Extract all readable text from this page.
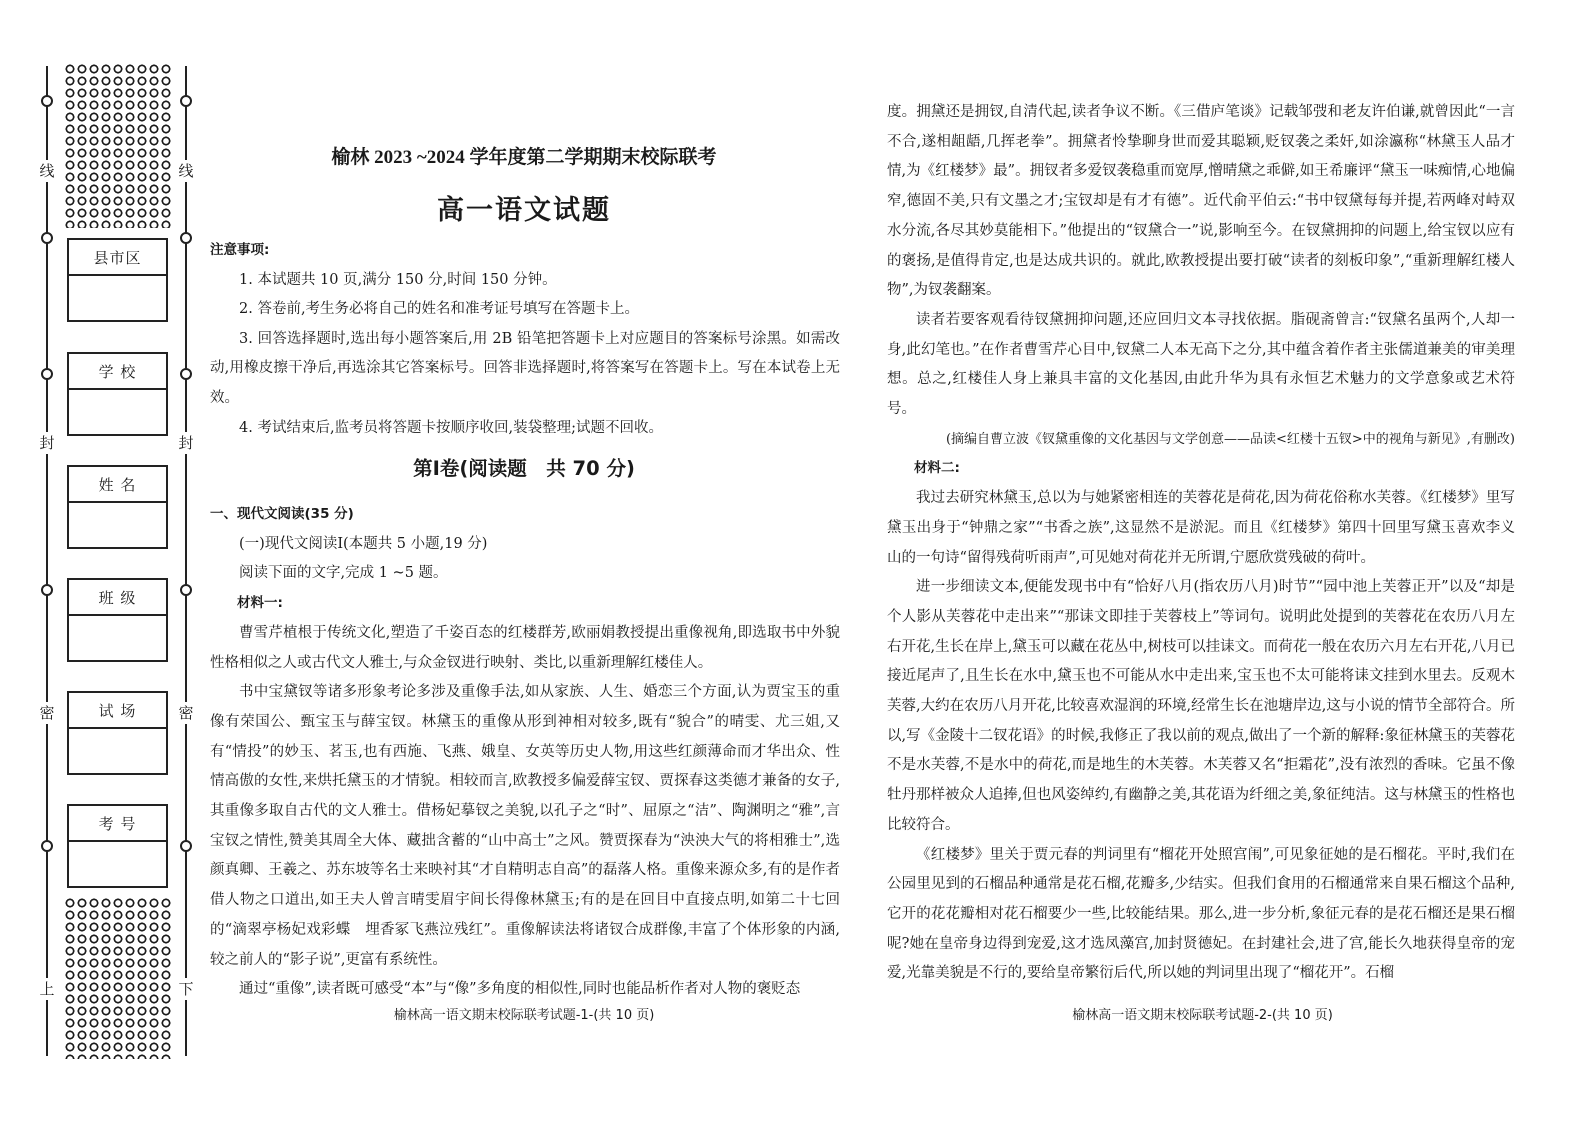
线
封
密
上
线
封
密
下
县市区
学 校
姓 名
班 级
试 场
考 号
榆林 2023 ~2024 学年度第二学期期末校际联考
高一语文试题
注意事项:

1. 本试题共 10 页,满分 150 分,时间 150 分钟。

2. 答卷前,考生务必将自己的姓名和准考证号填写在答题卡上。

3. 回答选择题时,选出每小题答案后,用 2B 铅笔把答题卡上对应题目的答案标号涂黑。如需改动,用橡皮擦干净后,再选涂其它答案标号。回答非选择题时,将答案写在答题卡上。写在本试卷上无效。

4. 考试结束后,监考员将答题卡按顺序收回,装袋整理;试题不回收。

第Ⅰ卷(阅读题　共 70 分)

一、现代文阅读(35 分)

(一)现代文阅读Ⅰ(本题共 5 小题,19 分)

阅读下面的文字,完成 1 ~5 题。

材料一:

曹雪芹植根于传统文化,塑造了千姿百态的红楼群芳,欧丽娟教授提出重像视角,即选取书中外貌性格相似之人或古代文人雅士,与众金钗进行映射、类比,以重新理解红楼佳人。

书中宝黛钗等诸多形象考论多涉及重像手法,如从家族、人生、婚恋三个方面,认为贾宝玉的重像有荣国公、甄宝玉与薛宝钗。林黛玉的重像从形到神相对较多,既有“貌合”的晴雯、尤三姐,又有“情投”的妙玉、茗玉,也有西施、飞燕、娥皇、女英等历史人物,用这些红颜薄命而才华出众、性情高傲的女性,来烘托黛玉的才情貌。相较而言,欧教授多偏爱薛宝钗、贾探春这类德才兼备的女子,其重像多取自古代的文人雅士。借杨妃摹钗之美貌,以孔子之“时”、屈原之“洁”、陶渊明之“雅”,言宝钗之情性,赞美其周全大体、藏拙含蓄的“山中高士”之风。赞贾探春为“泱泱大气的将相雅士”,选颜真卿、王羲之、苏东坡等名士来映衬其“才自精明志自高”的磊落人格。重像来源众多,有的是作者借人物之口道出,如王夫人曾言晴雯眉宇间长得像林黛玉;有的是在回目中直接点明,如第二十七回的“滴翠亭杨妃戏彩蝶　埋香冢飞燕泣残红”。重像解读法将诸钗合成群像,丰富了个体形象的内涵,较之前人的“影子说”,更富有系统性。

通过“重像”,读者既可感受“本”与“像”多角度的相似性,同时也能品析作者对人物的褒贬态

榆林高一语文期末校际联考试题-1-(共 10 页)

度。拥黛还是拥钗,自清代起,读者争议不断。《三借庐笔谈》记载邹弢和老友许伯谦,就曾因此“一言不合,遂相龃龉,几挥老拳”。拥黛者怜挚聊身世而爱其聪颖,贬钗袭之柔奸,如涂瀛称“林黛玉人品才情,为《红楼梦》最”。拥钗者多爱钗袭稳重而宽厚,憎晴黛之乖僻,如王希廉评“黛玉一味痴情,心地偏窄,德固不美,只有文墨之才;宝钗却是有才有德”。近代俞平伯云:“书中钗黛每每并提,若两峰对峙双水分流,各尽其妙莫能相下。”他提出的“钗黛合一”说,影响至今。在钗黛拥抑的问题上,给宝钗以应有的褒扬,是值得肯定,也是达成共识的。就此,欧教授提出要打破“读者的刻板印象”,“重新理解红楼人物”,为钗袭翻案。

读者若要客观看待钗黛拥抑问题,还应回归文本寻找依据。脂砚斋曾言:“钗黛名虽两个,人却一身,此幻笔也。”在作者曹雪芹心目中,钗黛二人本无高下之分,其中蕴含着作者主张儒道兼美的审美理想。总之,红楼佳人身上兼具丰富的文化基因,由此升华为具有永恒艺术魅力的文学意象或艺术符号。

(摘编自曹立波《钗黛重像的文化基因与文学创意——品读<红楼十五钗>中的视角与新见》,有删改)

材料二:

我过去研究林黛玉,总以为与她紧密相连的芙蓉花是荷花,因为荷花俗称水芙蓉。《红楼梦》里写黛玉出身于“钟鼎之家”“书香之族”,这显然不是淤泥。而且《红楼梦》第四十回里写黛玉喜欢李义山的一句诗“留得残荷听雨声”,可见她对荷花并无所谓,宁愿欣赏残破的荷叶。

进一步细读文本,便能发现书中有“恰好八月(指农历八月)时节”“园中池上芙蓉正开”以及“却是个人影从芙蓉花中走出来”“那诔文即挂于芙蓉枝上”等词句。说明此处提到的芙蓉花在农历八月左右开花,生长在岸上,黛玉可以藏在花丛中,树枝可以挂诔文。而荷花一般在农历六月左右开花,八月已接近尾声了,且生长在水中,黛玉也不可能从水中走出来,宝玉也不太可能将诔文挂到水里去。反观木芙蓉,大约在农历八月开花,比较喜欢湿润的环境,经常生长在池塘岸边,这与小说的情节全部符合。所以,写《金陵十二钗花语》的时候,我修正了我以前的观点,做出了一个新的解释:象征林黛玉的芙蓉花不是水芙蓉,不是水中的荷花,而是地生的木芙蓉。木芙蓉又名“拒霜花”,没有浓烈的香味。它虽不像牡丹那样被众人追捧,但也风姿绰约,有幽静之美,其花语为纤细之美,象征纯洁。这与林黛玉的性格也比较符合。

《红楼梦》里关于贾元春的判词里有“榴花开处照宫闱”,可见象征她的是石榴花。平时,我们在公园里见到的石榴品种通常是花石榴,花瓣多,少结实。但我们食用的石榴通常来自果石榴这个品种,它开的花花瓣相对花石榴要少一些,比较能结果。那么,进一步分析,象征元春的是花石榴还是果石榴呢?她在皇帝身边得到宠爱,这才选凤藻宫,加封贤德妃。在封建社会,进了宫,能长久地获得皇帝的宠爱,光靠美貌是不行的,要给皇帝繁衍后代,所以她的判词里出现了“榴花开”。石榴

榆林高一语文期末校际联考试题-2-(共 10 页)
